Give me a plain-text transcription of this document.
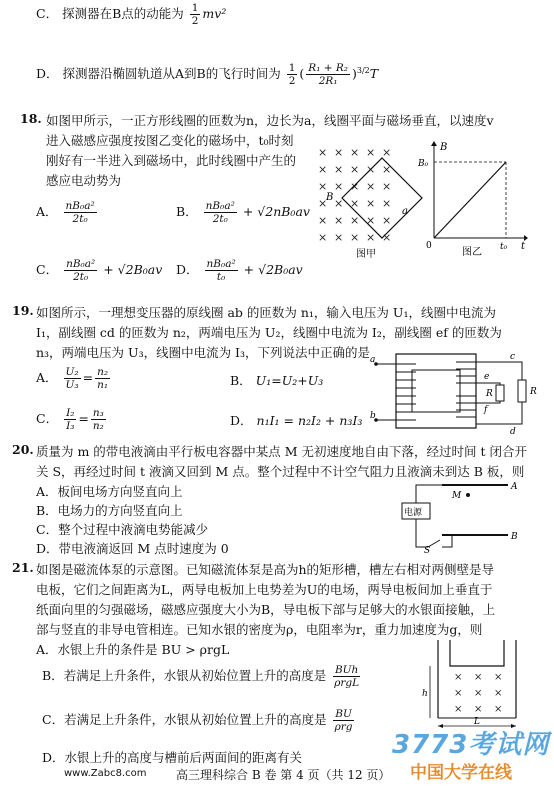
C． 探测器在B点的动能为 $\frac{1}{2} mv^2$
D． 探测器沿椭圆轨道从A到B的飞行时间为 $\frac{1}{2}$ ( $\frac{\text{R₁ + R₂}}{\text{2R₁}} )^{3/2}T$
18. 如图甲所示，一正方形线圈的匝数为n，边长为a，线圈平面与磁场垂直，以速度v
进入磁感应强度按图乙变化的磁场中，t₀时刻
刚好有一半进入到磁场中，此时线圈中产生的
感应电动势为
A． $\frac{\text{nB₀a²}}{\text{2t₀}}$	B． $\frac{\text{nB₀a²}}{\text{2t₀}} + √2nB_0av$
C． $\frac{\text{nB₀a²}}{\text{2t₀}} + √2B_0av$ D． $\frac{\text{nB₀a²}}{\text{t₀}} + √2B_0av$
× × × × ×
× × × × ×
× × × × ×
× × × × ×
× × × × ×
× × × × ×
B
a
图甲
B
B₀
0	t₀ t
图乙
19. 如图所示，一理想变压器的原线圈 ab 的匝数为 n₁，输入电压为 U₁，线圈中电流为
I₁，副线圈 cd 的匝数为 n₂，两端电压为 U₂，线圈中电流为 I₂，副线圈 ef 的匝数为
n₃，两端电压为 U₃，线圈中电流为 I₃，下列说法中正确的是
A． $\frac{\text{U₂}}{\text{U₃}} = \frac{\text{n₂}}{\text{n₁}}$	B． U₁=U₂+U₃
C． $\frac{\text{I₂}}{\text{I₃}} = \frac{\text{n₃}}{\text{n₂}}$	D． n₁I₁ = n₂I₂ + n₃I₃
a
b
c
e
f
d
R	R
20. 质量为 m 的带电液滴由平行板电容器中某点 M 无初速度地自由下落，经过时间 t 闭合开
关 S，再经过时间 t 液滴又回到 M 点。整个过程中不计空气阻力且液滴未到达 B 板，则
A．板间电场方向竖直向上
B．电场力的方向竖直向上
C．整个过程中液滴电势能减少
D．带电液滴返回 M 点时速度为 0
A
B
M
电源
S
21. 如图是磁流体泵的示意图。已知磁流体泵是高为h的矩形槽，槽左右相对两侧壁是导
电板，它们之间距离为L，两导电板加上电势差为U的电场，两导电板间加上垂直于
纸面向里的匀强磁场，磁感应强度大小为B，导电板下部与足够大的水银面接触，上
部与竖直的非导电管相连。已知水银的密度为ρ，电阻率为r，重力加速度为g，则
A．水银上升的条件是 BU > ρrgL
B．若满足上升条件，水银从初始位置上升的高度是 $\frac{\text{BUh}}{\text{ρrgL}}$
C．若满足上升条件，水银从初始位置上升的高度是 $\frac{BU}{\text{ρrg}}$
D．水银上升的高度与槽前后两面间的距离有关
× × ×
× × ×
× × ×
h
L
www.Zabc8.com 高三理科综合 B 卷 第 4 页（共 12 页）
3773考试网
中国大学在线
